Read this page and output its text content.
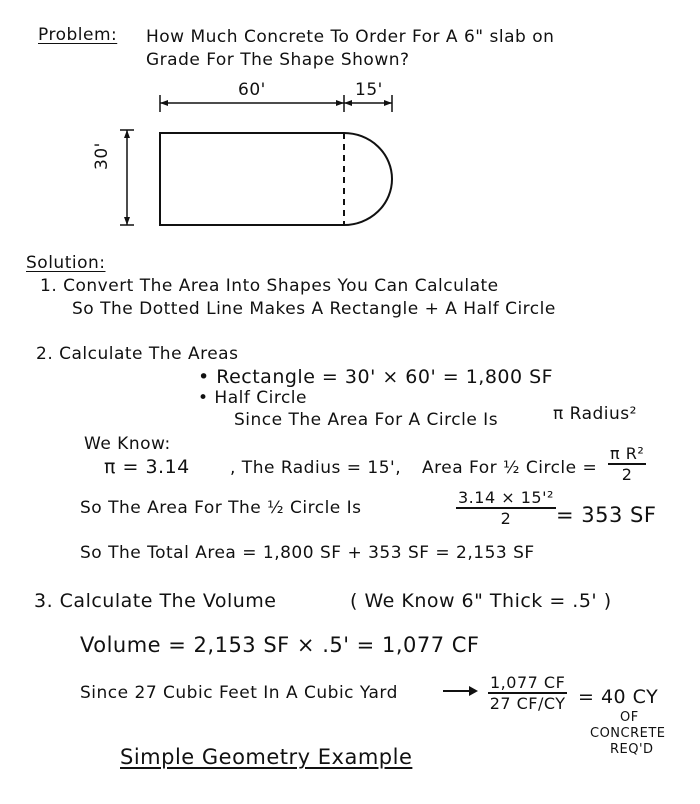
Problem: How Much Concrete To Order For A 6" slab on
Grade For The Shape Shown?
60'	15'
30'
Solution:
1. Convert The Area Into Shapes You Can Calculate
So The Dotted Line Makes A Rectangle + A Half Circle
2. Calculate The Areas
• Rectangle = 30' × 60' = 1,800 SF
• Half Circle
Since The Area For A Circle Is	π Radius²
We Know:
π = 3.14 , The Radius = 15', Area For ½ Circle = $\frac{\text{π R²}}{2}$
So The Area For The ½ Circle Is	$\frac{\text{3.14 × 15'²}}{2} = 353$ SF
So The Total Area = 1,800 SF + 353 SF = 2,153 SF
3. Calculate The Volume	( We Know 6" Thick = .5' )
Volume = 2,153 SF × .5' = 1,077 CF
Since 27 Cubic Feet In A Cubic Yard	$\frac{1,077 CF}{27 CF/CY} = 40$ CY
OF
CONCRETE
REQ'D
Simple Geometry Example
